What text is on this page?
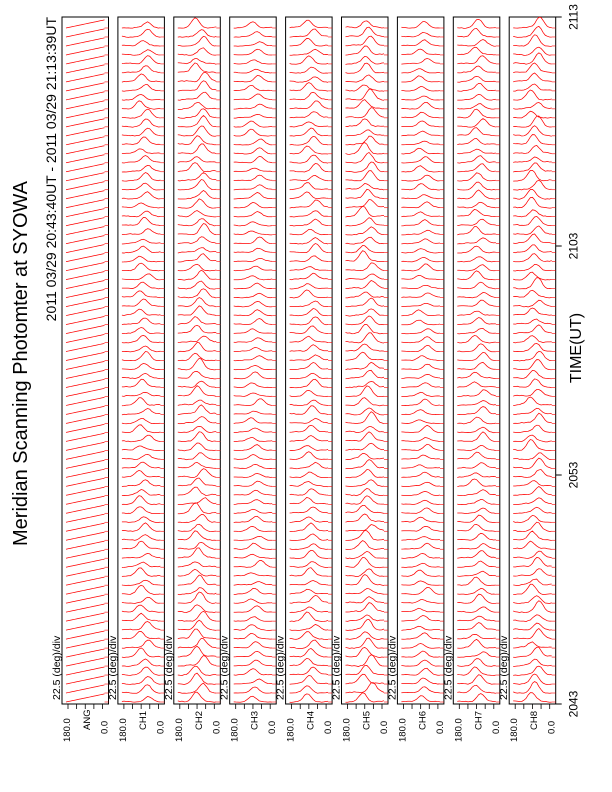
Meridian Scanning Photomter at SYOWA
2011 03/29 20:43:40UT - 2011 03/29 21:13:39UT
TIME(UT)
22.5 (deg)/div
180.0	0.0
ANG
22.5 (deg)/div
180.0	0.0
CH1
22.5 (deg)/div
180.0	0.0
CH2
22.5 (deg)/div
180.0	0.0
CH3
22.5 (deg)/div
180.0	0.0
CH4
22.5 (deg)/div
180.0	0.0
CH5
22.5 (deg)/div
180.0	0.0
CH6
22.5 (deg)/div
180.0	0.0
CH7
22.5 (deg)/div
180.0	0.0
CH8
2043
2053
2103
2113
